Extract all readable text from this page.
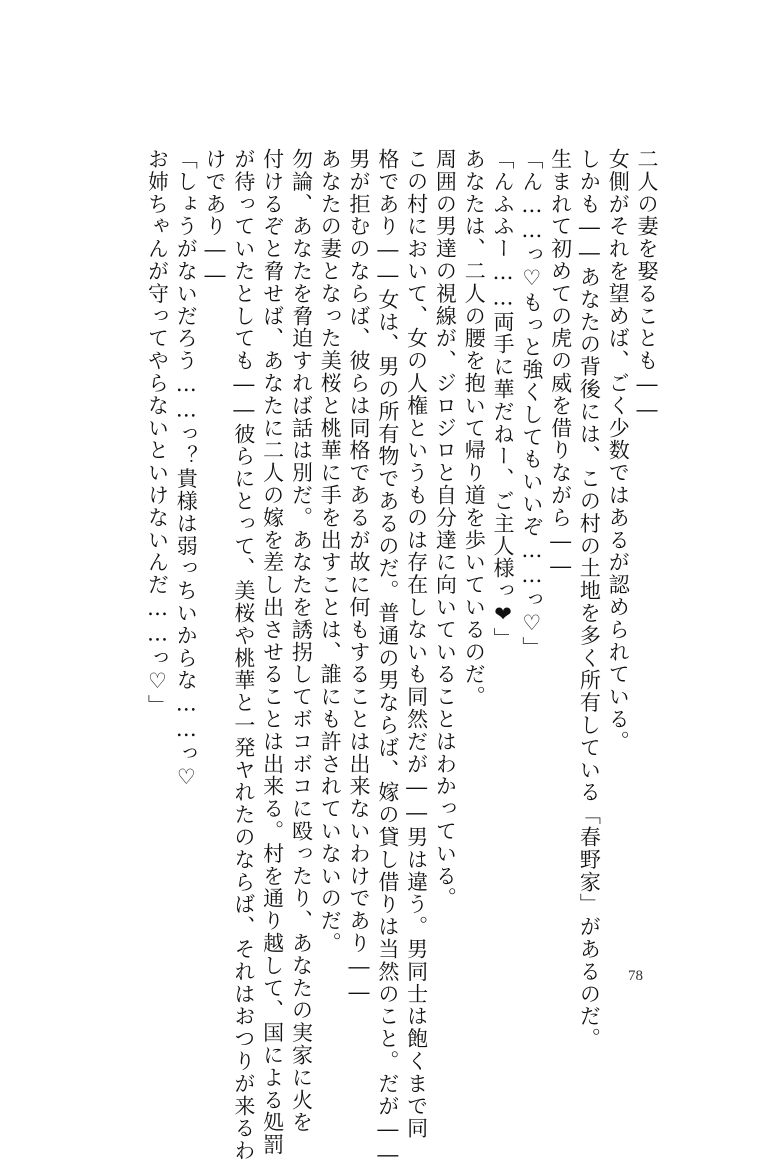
二人の妻を娶ることも――

女側がそれを望めば、ごく少数ではあるが認められている。

しかも――あなたの背後には、この村の土地を多く所有している「春野家」があるのだ。

生まれて初めての虎の威を借りながら――

「ん……っ♡もっと強くしてもいいぞ……っ♡」

「んふふー……両手に華だねー、ご主人様っ❤」

あなたは、二人の腰を抱いて帰り道を歩いているのだ。

周囲の男達の視線が、ジロジロと自分達に向いていることはわかっている。

この村において、女の人権というものは存在しないも同然だが――男は違う。男同士は飽くまで同

格であり――女は、男の所有物であるのだ。普通の男ならば、嫁の貸し借りは当然のこと。だが――

男が拒むのならば、彼らは同格であるが故に何もすることは出来ないわけであり――

あなたの妻となった美桜と桃華に手を出すことは、誰にも許されていないのだ。

勿論、あなたを脅迫すれば話は別だ。あなたを誘拐してボコボコに殴ったり、あなたの実家に火を

付けるぞと脅せば、あなたに二人の嫁を差し出させることは出来る。村を通り越して、国による処罰

が待っていたとしても――彼らにとって、美桜や桃華と一発ヤれたのならば、それはおつりが来るわ

けであり――

「しょうがないだろう……っ？貴様は弱っちいからな……っ♡

お姉ちゃんが守ってやらないといけないんだ……っ♡」

78
